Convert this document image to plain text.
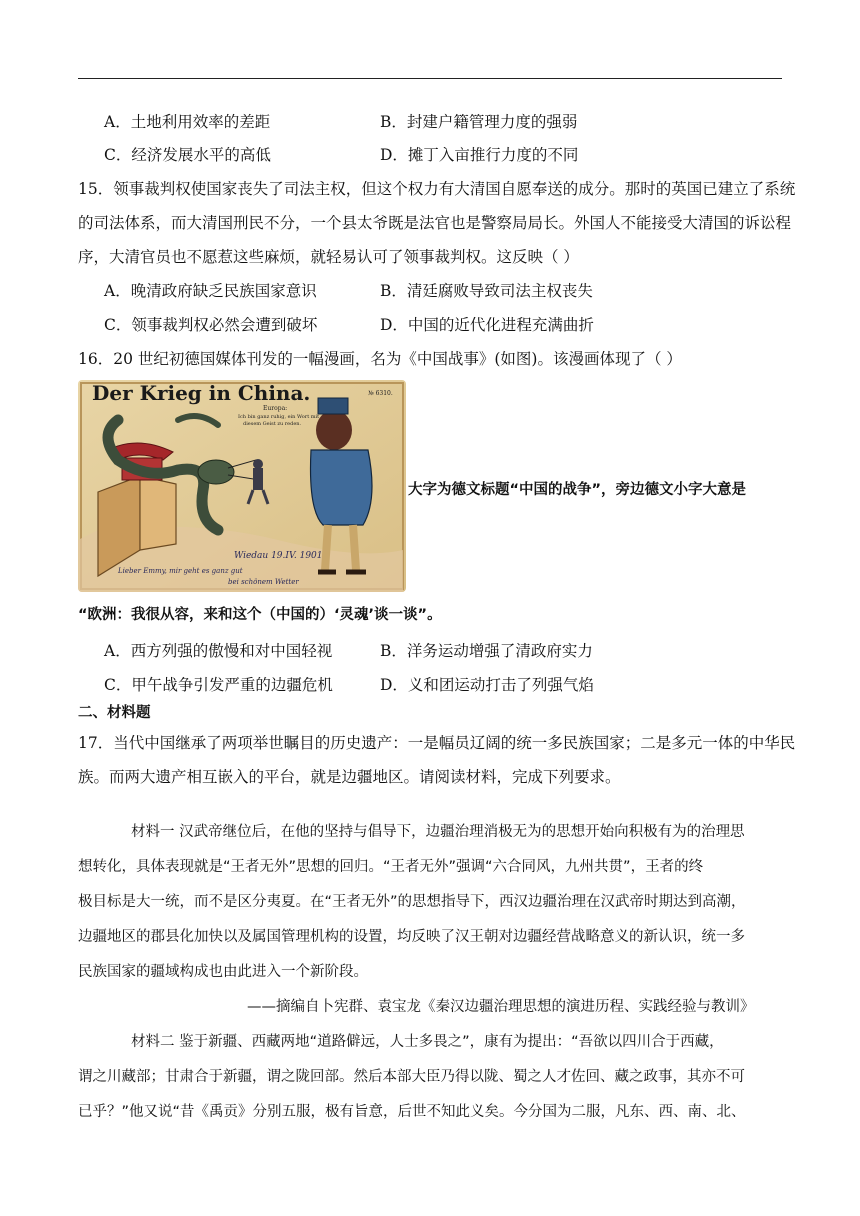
A．土地利用效率的差距	B．封建户籍管理力度的强弱
C．经济发展水平的高低	D．摊丁入亩推行力度的不同
15．领事裁判权使国家丧失了司法主权，但这个权力有大清国自愿奉送的成分。那时的英国已建立了系统
的司法体系，而大清国刑民不分，一个县太爷既是法官也是警察局局长。外国人不能接受大清国的诉讼程
序，大清官员也不愿惹这些麻烦，就轻易认可了领事裁判权。这反映（ ）
A．晚清政府缺乏民族国家意识	B．清廷腐败导致司法主权丧失
C．领事裁判权必然会遭到破坏	D．中国的近代化进程充满曲折
16．20 世纪初德国媒体刊发的一幅漫画，名为《中国战事》(如图)。该漫画体现了（ ）
Der Krieg in China.	№ 6310.
Europa:
Ich bin ganz ruhig, ein Wort mit
diesem Geist zu reden.
Wiedau 19.IV. 1901
Lieber Emmy, mir geht es ganz gut
bei schönem Wetter
大字为德文标题“中国的战争”，旁边德文小字大意是
“欧洲：我很从容，来和这个（中国的）‘灵魂’谈一谈”。
A．西方列强的傲慢和对中国轻视	B．洋务运动增强了清政府实力
C．甲午战争引发严重的边疆危机	D．义和团运动打击了列强气焰
二、材料题
17．当代中国继承了两项举世瞩目的历史遗产：一是幅员辽阔的统一多民族国家；二是多元一体的中华民
族。而两大遗产相互嵌入的平台，就是边疆地区。请阅读材料，完成下列要求。
材料一 汉武帝继位后，在他的坚持与倡导下，边疆治理消极无为的思想开始向积极有为的治理思
想转化，具体表现就是“王者无外”思想的回归。“王者无外”强调“六合同风，九州共贯”，王者的终
极目标是大一统，而不是区分夷夏。在“王者无外”的思想指导下，西汉边疆治理在汉武帝时期达到高潮，
边疆地区的郡县化加快以及属国管理机构的设置，均反映了汉王朝对边疆经营战略意义的新认识，统一多
民族国家的疆域构成也由此进入一个新阶段。
——摘编自卜宪群、袁宝龙《秦汉边疆治理思想的演进历程、实践经验与教训》
材料二 鉴于新疆、西藏两地“道路僻远，人士多畏之”，康有为提出：“吾欲以四川合于西藏，
谓之川藏部；甘肃合于新疆，谓之陇回部。然后本部大臣乃得以陇、蜀之人才佐回、藏之政事，其亦不可
已乎？”他又说“昔《禹贡》分别五服，极有旨意，后世不知此义矣。今分国为二服，凡东、西、南、北、
